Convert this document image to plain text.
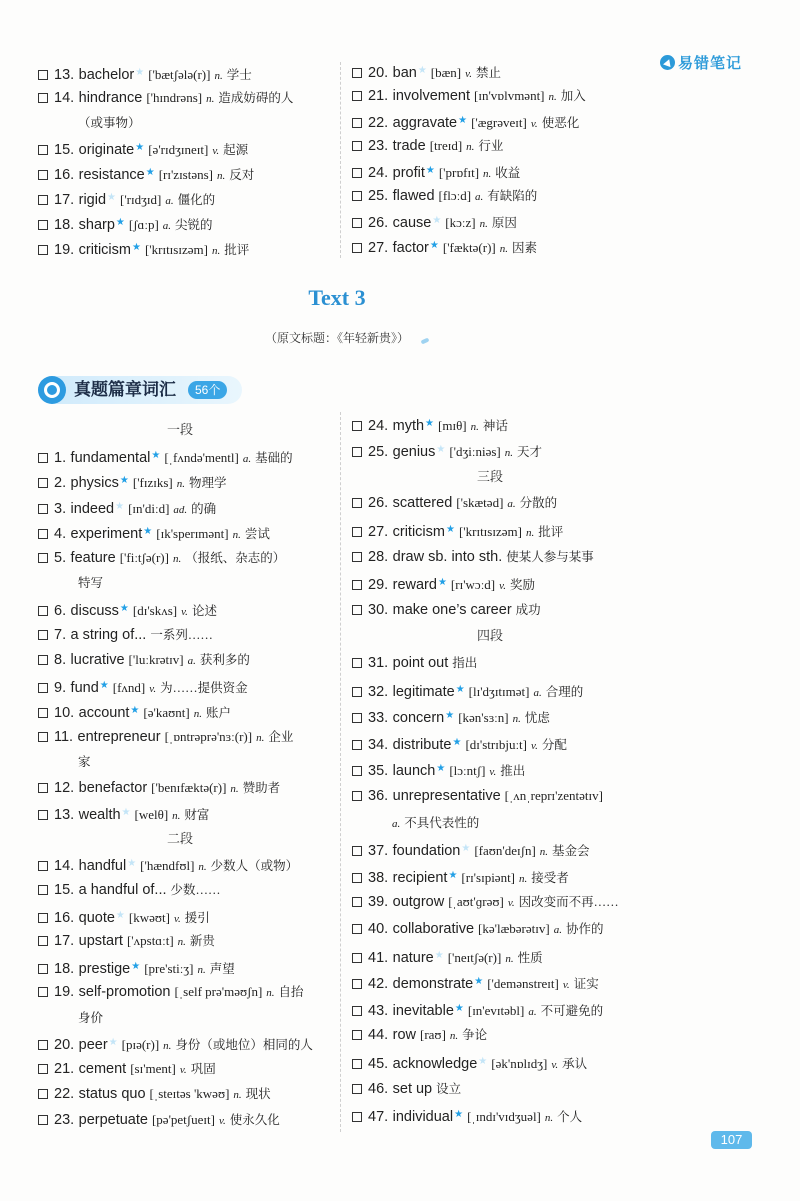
易错笔记
13. bachelor★ ['bætʃələ(r)] n. 学士
14. hindrance ['hɪndrəns] n. 造成妨碍的人
（或事物）
15. originate★ [ə'rɪdʒɪneɪt] v. 起源
16. resistance★ [rɪ'zɪstəns] n. 反对
17. rigid★ ['rɪdʒɪd] a. 僵化的
18. sharp★ [ʃɑːp] a. 尖锐的
19. criticism★ ['krɪtɪsɪzəm] n. 批评
20. ban★ [bæn] v. 禁止
21. involvement [ɪn'vɒlvmənt] n. 加入
22. aggravate★ ['ægrəveɪt] v. 使恶化
23. trade [treɪd] n. 行业
24. profit★ ['prɒfɪt] n. 收益
25. flawed [flɔːd] a. 有缺陷的
26. cause★ [kɔːz] n. 原因
27. factor★ ['fæktə(r)] n. 因素
Text 3
（原文标题：《年轻新贵》）
真题篇章词汇	56个
一段
1. fundamental★ [ˌfʌndə'mentl] a. 基础的
2. physics★ ['fɪzɪks] n. 物理学
3. indeed★ [ɪn'diːd] ad. 的确
4. experiment★ [ɪk'sperɪmənt] n. 尝试
5. feature ['fiːtʃə(r)] n. （报纸、杂志的）
特写
6. discuss★ [dɪ'skʌs] v. 论述
7. a string of... 一系列……
8. lucrative ['luːkrətɪv] a. 获利多的
9. fund★ [fʌnd] v. 为……提供资金
10. account★ [ə'kaʊnt] n. 账户
11. entrepreneur [ˌɒntrəprə'nɜː(r)] n. 企业
家
12. benefactor ['benɪfæktə(r)] n. 赞助者
13. wealth★ [welθ] n. 财富
二段
14. handful★ ['hændfʊl] n. 少数人（或物）
15. a handful of... 少数……
16. quote★ [kwəʊt] v. 援引
17. upstart ['ʌpstɑːt] n. 新贵
18. prestige★ [pre'stiːʒ] n. 声望
19. self-promotion [ˌself prə'məʊʃn] n. 自抬
身价
20. peer★ [pɪə(r)] n. 身份（或地位）相同的人
21. cement [sɪ'ment] v. 巩固
22. status quo [ˌsteɪtəs 'kwəʊ] n. 现状
23. perpetuate [pə'petʃueɪt] v. 使永久化
24. myth★ [mɪθ] n. 神话
25. genius★ ['dʒiːniəs] n. 天才
三段
26. scattered ['skætəd] a. 分散的
27. criticism★ ['krɪtɪsɪzəm] n. 批评
28. draw sb. into sth. 使某人参与某事
29. reward★ [rɪ'wɔːd] v. 奖励
30. make one’s career 成功
四段
31. point out 指出
32. legitimate★ [lɪ'dʒɪtɪmət] a. 合理的
33. concern★ [kən'sɜːn] n. 忧虑
34. distribute★ [dɪ'strɪbjuːt] v. 分配
35. launch★ [lɔːntʃ] v. 推出
36. unrepresentative [ˌʌnˌreprɪ'zentətɪv]
a. 不具代表性的
37. foundation★ [faʊn'deɪʃn] n. 基金会
38. recipient★ [rɪ'sɪpiənt] n. 接受者
39. outgrow [ˌaʊt'ɡrəʊ] v. 因改变而不再……
40. collaborative [kə'læbərətɪv] a. 协作的
41. nature★ ['neɪtʃə(r)] n. 性质
42. demonstrate★ ['demənstreɪt] v. 证实
43. inevitable★ [ɪn'evɪtəbl] a. 不可避免的
44. row [raʊ] n. 争论
45. acknowledge★ [ək'nɒlɪdʒ] v. 承认
46. set up 设立
47. individual★ [ˌɪndɪ'vɪdʒuəl] n. 个人
107
